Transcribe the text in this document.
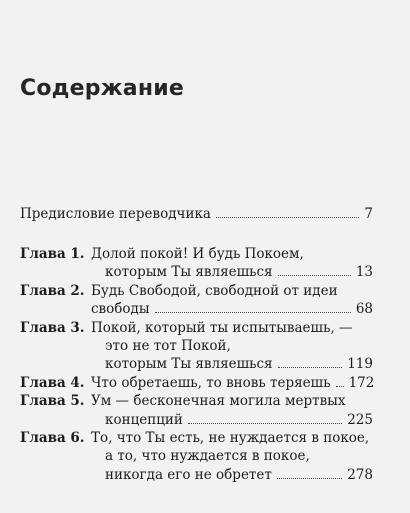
Содержание
Предисловие переводчика	7
Глава 1. Долой покой! И будь Покоем,
которым Ты являешься	13
Глава 2. Будь Свободой, свободной от идеи
свободы	68
Глава 3. Покой, который ты испытываешь, —
это не тот Покой,
которым Ты являешься	119
Глава 4. Что обретаешь, то вновь теряешь 172
Глава 5. Ум — бесконечная могила мертвых
концепций	225
Глава 6. То, что Ты есть, не нуждается в покое,
а то, что нуждается в покое,
никогда его не обретет	278
